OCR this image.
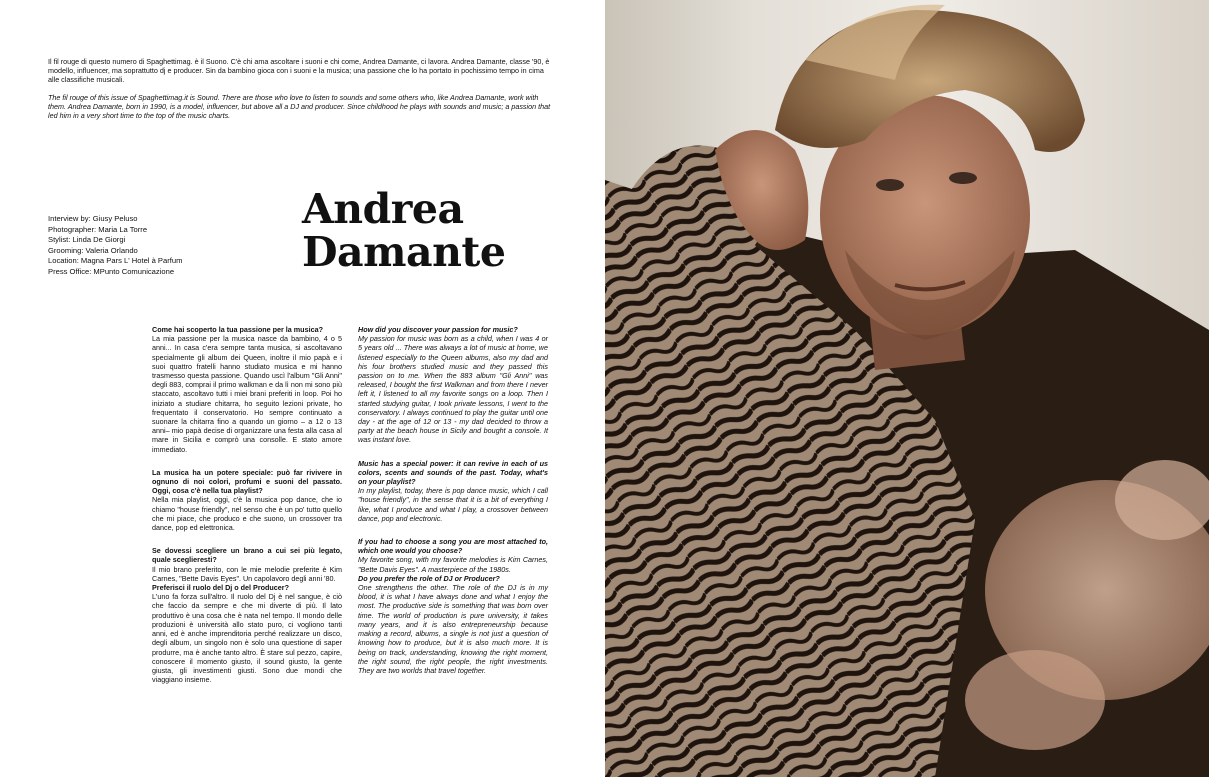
Il fil rouge di questo numero di Spaghettimag. è il Suono. C'è chi ama ascoltare i suoni e chi come, Andrea Damante, ci lavora. Andrea Damante, classe '90, è modello, influencer, ma soprattutto dj e producer. Sin da bambino gioca con i suoni e la musica; una passione che lo ha portato in pochissimo tempo in cima alle classifiche musicali.

The fil rouge of this issue of Spaghettimag.it is Sound. There are those who love to listen to sounds and some others who, like Andrea Damante, work with them. Andrea Damante, born in 1990, is a model, influencer, but above all a DJ and producer. Since childhood he plays with sounds and music; a passion that led him in a very short time to the top of the music charts.

Interview by: Giusy Peluso
Photographer: Maria La Torre
Stylist: Linda De Giorgi
Grooming: Valeria Orlando
Location: Magna Pars L' Hotel à Parfum
Press Office: MPunto Comunicazione
Andrea
Damante

Come hai scoperto la tua passione per la musica?

La mia passione per la musica nasce da bambino, 4 o 5 anni... In casa c'era sempre tanta musica, si ascoltavano specialmente gli album dei Queen, inoltre il mio papà e i suoi quattro fratelli hanno studiato musica e mi hanno trasmesso questa passione. Quando uscì l'album "Gli Anni" degli 883, comprai il primo walkman e da lì non mi sono più staccato, ascoltavo tutti i miei brani preferiti in loop. Poi ho iniziato a studiare chitarra, ho seguito lezioni private, ho frequentato il conservatorio. Ho sempre continuato a suonare la chitarra fino a quando un giorno – a 12 o 13 anni– mio papà decise di organizzare una festa alla casa al mare in Sicilia e comprò una consolle. E stato amore immediato.

La musica ha un potere speciale: può far rivivere in ognuno di noi colori, profumi e suoni del passato. Oggi, cosa c'è nella tua playlist?

Nella mia playlist, oggi, c'è la musica pop dance, che io chiamo "house friendly", nel senso che è un po' tutto quello che mi piace, che produco e che suono, un crossover tra dance, pop ed elettronica.

Se dovessi scegliere un brano a cui sei più legato, quale sceglieresti?

Il mio brano preferito, con le mie melodie preferite è Kim Carnes, "Bette Davis Eyes". Un capolavoro degli anni '80.

Preferisci il ruolo del Dj o del Producer?

L'uno fa forza sull'altro. Il ruolo del Dj è nel sangue, è ciò che faccio da sempre e che mi diverte di più. Il lato produttivo è una cosa che è nata nel tempo. Il mondo delle produzioni è università allo stato puro, ci vogliono tanti anni, ed è anche imprenditoria perché realizzare un disco, degli album, un singolo non è solo una questione di saper produrre, ma è anche tanto altro. È stare sul pezzo, capire, conoscere il momento giusto, il sound giusto, la gente giusta, gli investimenti giusti. Sono due mondi che viaggiano insieme.

How did you discover your passion for music?

My passion for music was born as a child, when I was 4 or 5 years old ... There was always a lot of music at home, we listened especially to the Queen albums, also my dad and his four brothers studied music and they passed this passion on to me. When the 883 album "Gli Anni" was released, I bought the first Walkman and from there I never left it, I listened to all my favorite songs on a loop. Then I started studying guitar, I took private lessons, I went to the conservatory. I always continued to play the guitar until one day - at the age of 12 or 13 - my dad decided to throw a party at the beach house in Sicily and bought a console. It was instant love.

Music has a special power: it can revive in each of us colors, scents and sounds of the past. Today, what's on your playlist?

In my playlist, today, there is pop dance music, which I call "house friendly", in the sense that it is a bit of everything I like, what I produce and what I play, a crossover between dance, pop and electronic.

If you had to choose a song you are most attached to, which one would you choose?

My favorite song, with my favorite melodies is Kim Carnes, "Bette Davis Eyes". A masterpiece of the 1980s.

Do you prefer the role of DJ or Producer?

One strengthens the other. The role of the DJ is in my blood, it is what I have always done and what I enjoy the most. The productive side is something that was born over time. The world of production is pure university, it takes many years, and it is also entrepreneurship because making a record, albums, a single is not just a question of knowing how to produce, but it is also much more. It is being on track, understanding, knowing the right moment, the right sound, the right people, the right investments. They are two worlds that travel together.
